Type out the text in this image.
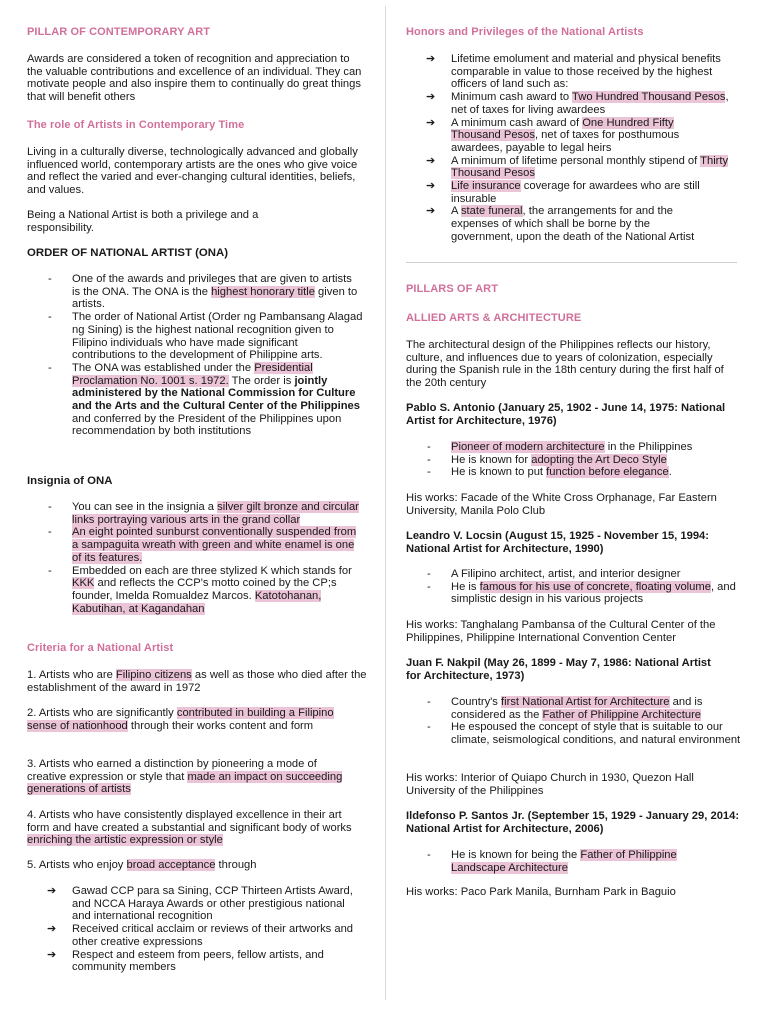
PILLAR OF CONTEMPORARY ART

Awards are considered a token of recognition and appreciation to the valuable contributions and excellence of an individual. They can motivate people and also inspire them to continually do great things that will benefit others

The role of Artists in Contemporary Time

Living in a culturally diverse, technologically advanced and globally influenced world, contemporary artists are the ones who give voice and reflect the varied and ever-changing cultural identities, beliefs, and values.

Being a National Artist is both a privilege and a responsibility.

ORDER OF NATIONAL ARTIST (ONA)
- One of the awards and privileges that are given to artists is the ONA. The ONA is the highest honorary title given to artists.
- The order of National Artist (Order ng Pambansang Alagad ng Sining) is the highest national recognition given to Filipino individuals who have made significant contributions to the development of Philippine arts.
- The ONA was established under the Presidential Proclamation No. 1001 s. 1972. The order is jointly administered by the National Commission for Culture and the Arts and the Cultural Center of the Philippines and conferred by the President of the Philippines upon recommendation by both institutions
Insignia of ONA
- You can see in the insignia a silver gilt bronze and circular links portraying various arts in the grand collar
- An eight pointed sunburst conventionally suspended from a sampaguita wreath with green and white enamel is one of its features.
- Embedded on each are three stylized K which stands for KKK and reflects the CCP's motto coined by the CP;s founder, Imelda Romualdez Marcos. Katotohanan, Kabutihan, at Kagandahan
Criteria for a National Artist

1. Artists who are Filipino citizens as well as those who died after the establishment of the award in 1972

2. Artists who are significantly contributed in building a Filipino sense of nationhood through their works content and form

3. Artists who earned a distinction by pioneering a mode of creative expression or style that made an impact on succeeding generations of artists

4. Artists who have consistently displayed excellence in their art form and have created a substantial and significant body of works enriching the artistic expression or style

5. Artists who enjoy broad acceptance through

➔ Gawad CCP para sa Sining, CCP Thirteen Artists Award, and NCCA Haraya Awards or other prestigious national and international recognition
➔ Received critical acclaim or reviews of their artworks and other creative expressions
➔ Respect and esteem from peers, fellow artists, and community members
Honors and Privileges of the National Artists
➔ Lifetime emolument and material and physical benefits comparable in value to those received by the highest officers of land such as:
➔ Minimum cash award to Two Hundred Thousand Pesos, net of taxes for living awardees
➔ A minimum cash award of One Hundred Fifty Thousand Pesos, net of taxes for posthumous awardees, payable to legal heirs
➔ A minimum of lifetime personal monthly stipend of Thirty Thousand Pesos
➔ Life insurance coverage for awardees who are still insurable
➔ A state funeral, the arrangements for and the expenses of which shall be borne by the government, upon the death of the National Artist
PILLARS OF ART
ALLIED ARTS & ARCHITECTURE

The architectural design of the Philippines reflects our history, culture, and influences due to years of colonization, especially during the Spanish rule in the 18th century during the first half of the 20th century

Pablo S. Antonio (January 25, 1902 - June 14, 1975: National Artist for Architecture, 1976)
- Pioneer of modern architecture in the Philippines
- He is known for adopting the Art Deco Style
- He is known to put function before elegance.

His works: Facade of the White Cross Orphanage, Far Eastern University, Manila Polo Club

Leandro V. Locsin (August 15, 1925 - November 15, 1994: National Artist for Architecture, 1990)
- A Filipino architect, artist, and interior designer
- He is famous for his use of concrete, floating volume, and simplistic design in his various projects

His works: Tanghalang Pambansa of the Cultural Center of the Philippines, Philippine International Convention Center

Juan F. Nakpil (May 26, 1899 - May 7, 1986: National Artist for Architecture, 1973)
- Country's first National Artist for Architecture and is considered as the Father of Philippine Architecture
- He espoused the concept of style that is suitable to our climate, seismological conditions, and natural environment

His works: Interior of Quiapo Church in 1930, Quezon Hall University of the Philippines

Ildefonso P. Santos Jr. (September 15, 1929 - January 29, 2014: National Artist for Architecture, 2006)
- He is known for being the Father of Philippine Landscape Architecture

His works: Paco Park Manila, Burnham Park in Baguio
